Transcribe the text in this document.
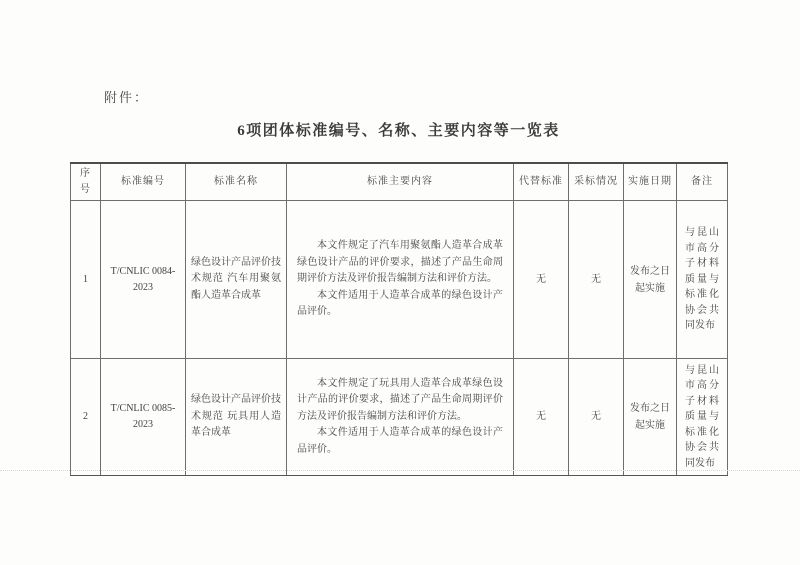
附件：
6项团体标准编号、名称、主要内容等一览表
序号	标准编号	标准名称	标准主要内容	代替标准	采标情况	实施日期	备注
1	T/CNLIC 0084-2023	绿色设计产品评价技术规范 汽车用聚氨酯人造革合成革	本文件规定了汽车用聚氨酯人造革合成革绿色设计产品的评价要求，描述了产品生命周期评价方法及评价报告编制方法和评价方法。

本文件适用于人造革合成革的绿色设计产品评价。	无	无	发布之日起实施	与昆山市高分子材料质量与标准化协会共同发布
2	T/CNLIC 0085-2023	绿色设计产品评价技术规范 玩具用人造革合成革	本文件规定了玩具用人造革合成革绿色设计产品的评价要求，描述了产品生命周期评价方法及评价报告编制方法和评价方法。

本文件适用于人造革合成革的绿色设计产品评价。	无	无	发布之日起实施	与昆山市高分子材料质量与标准化协会共同发布
